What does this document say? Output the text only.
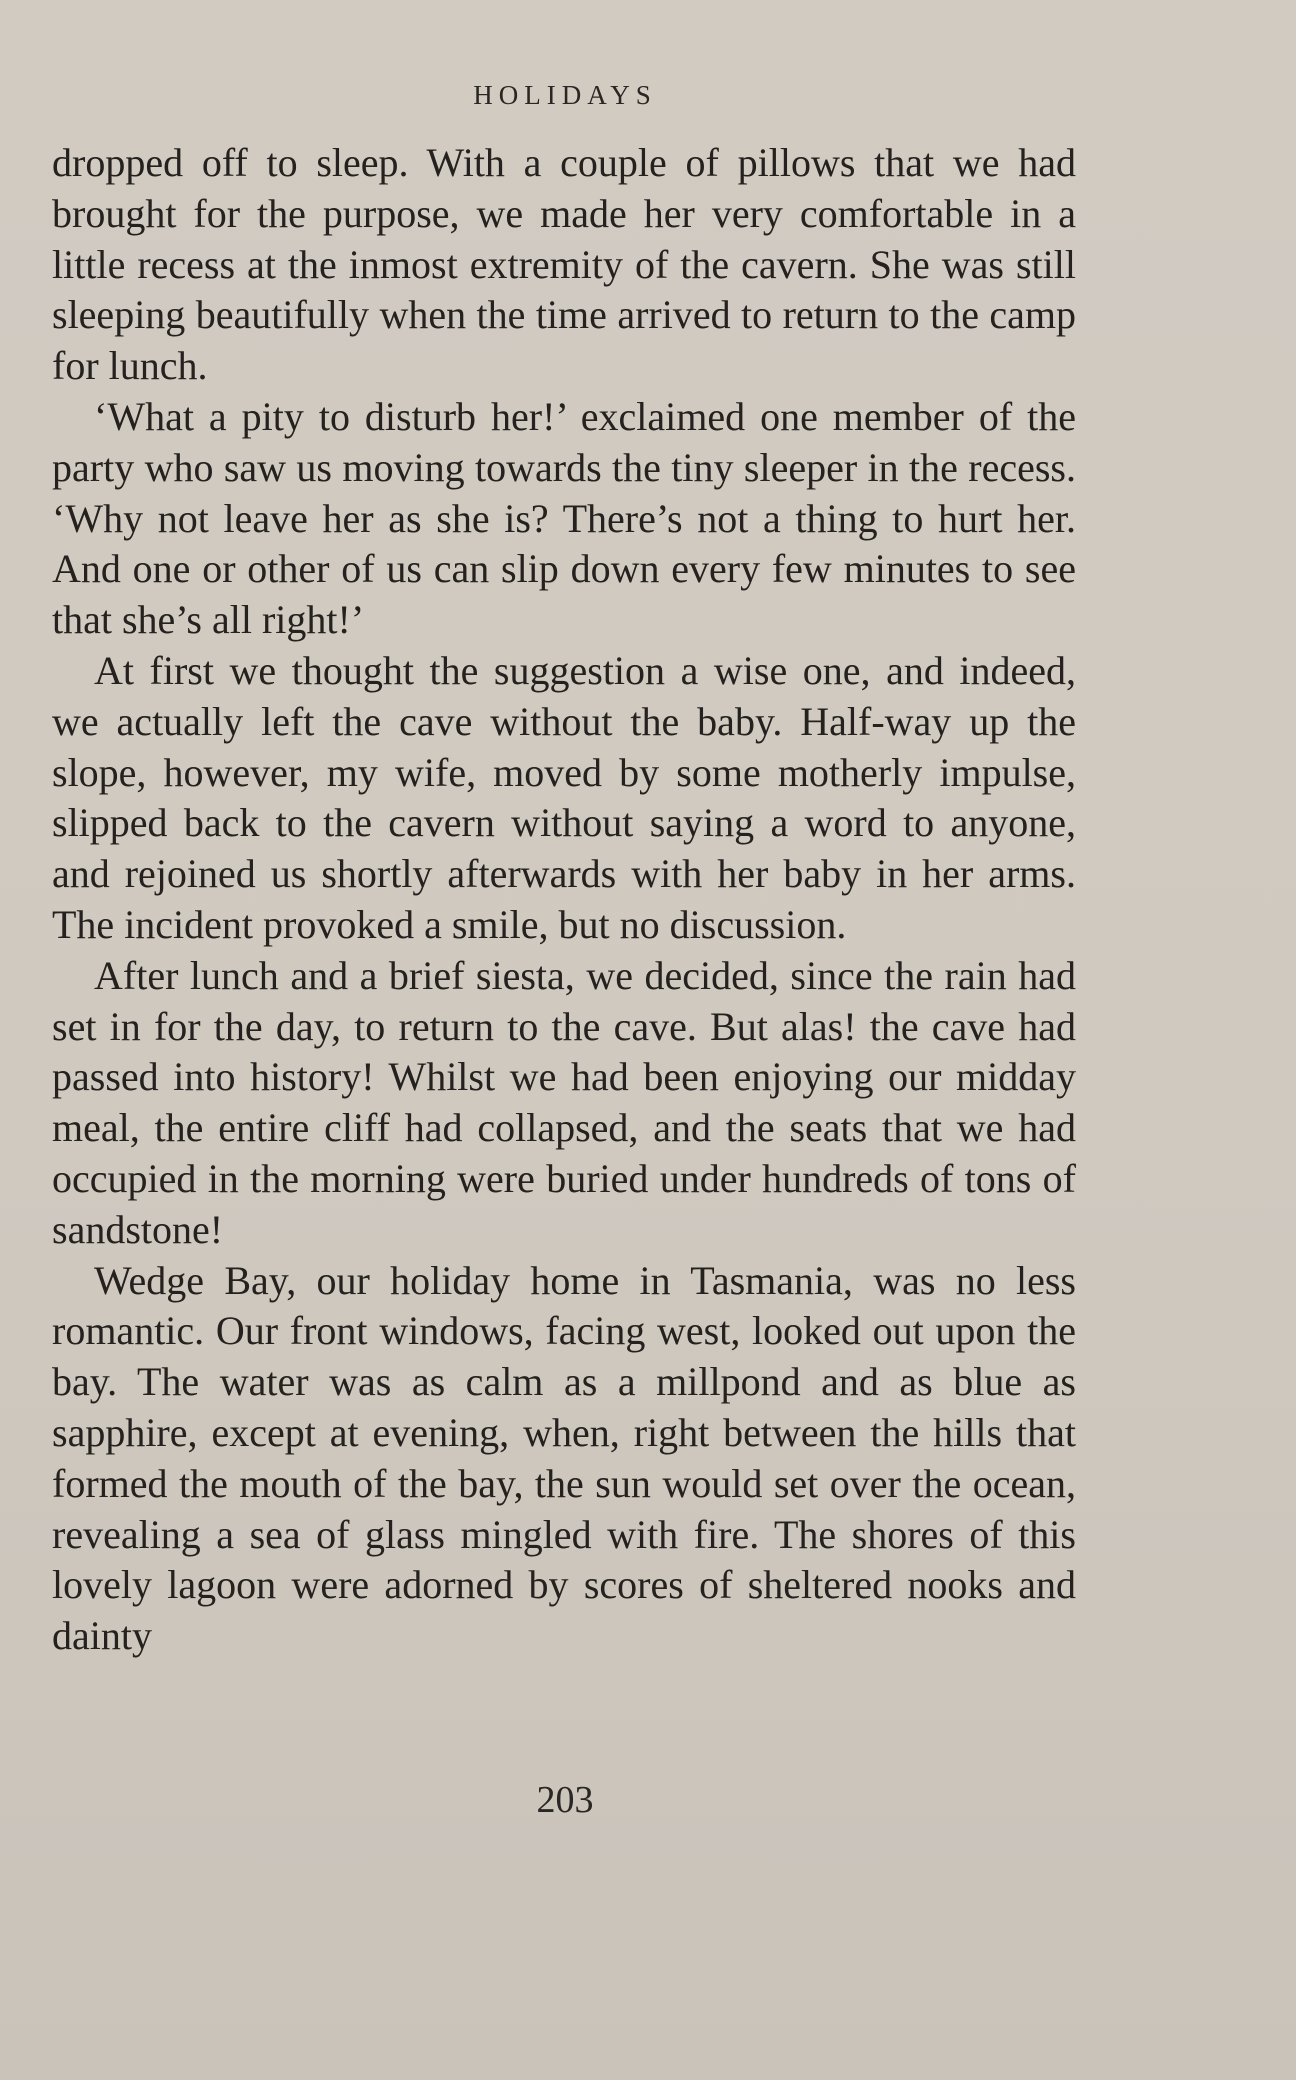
HOLIDAYS

dropped off to sleep. With a couple of pillows that we had brought for the purpose, we made her very comfortable in a little recess at the inmost extremity of the cavern. She was still sleeping beautifully when the time arrived to return to the camp for lunch.

‘What a pity to disturb her!’ exclaimed one member of the party who saw us moving towards the tiny sleeper in the recess. ‘Why not leave her as she is? There’s not a thing to hurt her. And one or other of us can slip down every few minutes to see that she’s all right!’

At first we thought the suggestion a wise one, and indeed, we actually left the cave without the baby. Half-way up the slope, however, my wife, moved by some motherly impulse, slipped back to the cavern without saying a word to anyone, and rejoined us shortly afterwards with her baby in her arms. The incident provoked a smile, but no discussion.

After lunch and a brief siesta, we decided, since the rain had set in for the day, to return to the cave. But alas! the cave had passed into history! Whilst we had been enjoying our midday meal, the entire cliff had collapsed, and the seats that we had occupied in the morning were buried under hundreds of tons of sandstone!

Wedge Bay, our holiday home in Tasmania, was no less romantic. Our front windows, facing west, looked out upon the bay. The water was as calm as a millpond and as blue as sapphire, except at evening, when, right between the hills that formed the mouth of the bay, the sun would set over the ocean, revealing a sea of glass mingled with fire. The shores of this lovely lagoon were adorned by scores of sheltered nooks and dainty

203
